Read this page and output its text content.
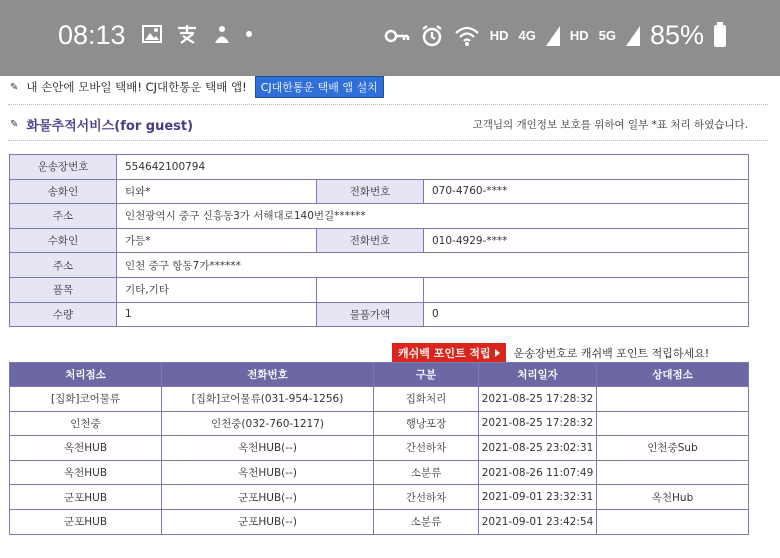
08:13	HD 4G	HD 5G 85%
✎ 내 손안에 모바일 택배! CJ대한통운 택배 앱!	CJ대한통운 택배 앱 설치
✎ 화물추적서비스(for guest)	고객님의 개인정보 보호를 위하여 일부 *표 처리 하였습니다.
운송장번호	554642100794		
송화인	티와*	전화번호	070-4760-****
주소	인천광역시 중구 신흥동3가 서해대로140번길******		
수화인	가등*	전화번호	010-4929-****
주소	인천 중구 항동7가******		
품목	기타,기타		
수량	1	물품가액	0
캐쉬백 포인트 적립 운송장번호로 캐쉬백 포인트 적립하세요!
처리점소	전화번호	구분	처리일자	상대점소
[집화]코어물류	[집화]코어물류(031-954-1256)	집화처리	2021-08-25 17:28:32	
인천중	인천중(032-760-1217)	행낭포장	2021-08-25 17:28:32	
옥천HUB	옥천HUB(--)	간선하차	2021-08-25 23:02:31	인천중Sub
옥천HUB	옥천HUB(--)	소분류	2021-08-26 11:07:49	
군포HUB	군포HUB(--)	간선하차	2021-09-01 23:32:31	옥천Hub
군포HUB	군포HUB(--)	소분류	2021-09-01 23:42:54	
